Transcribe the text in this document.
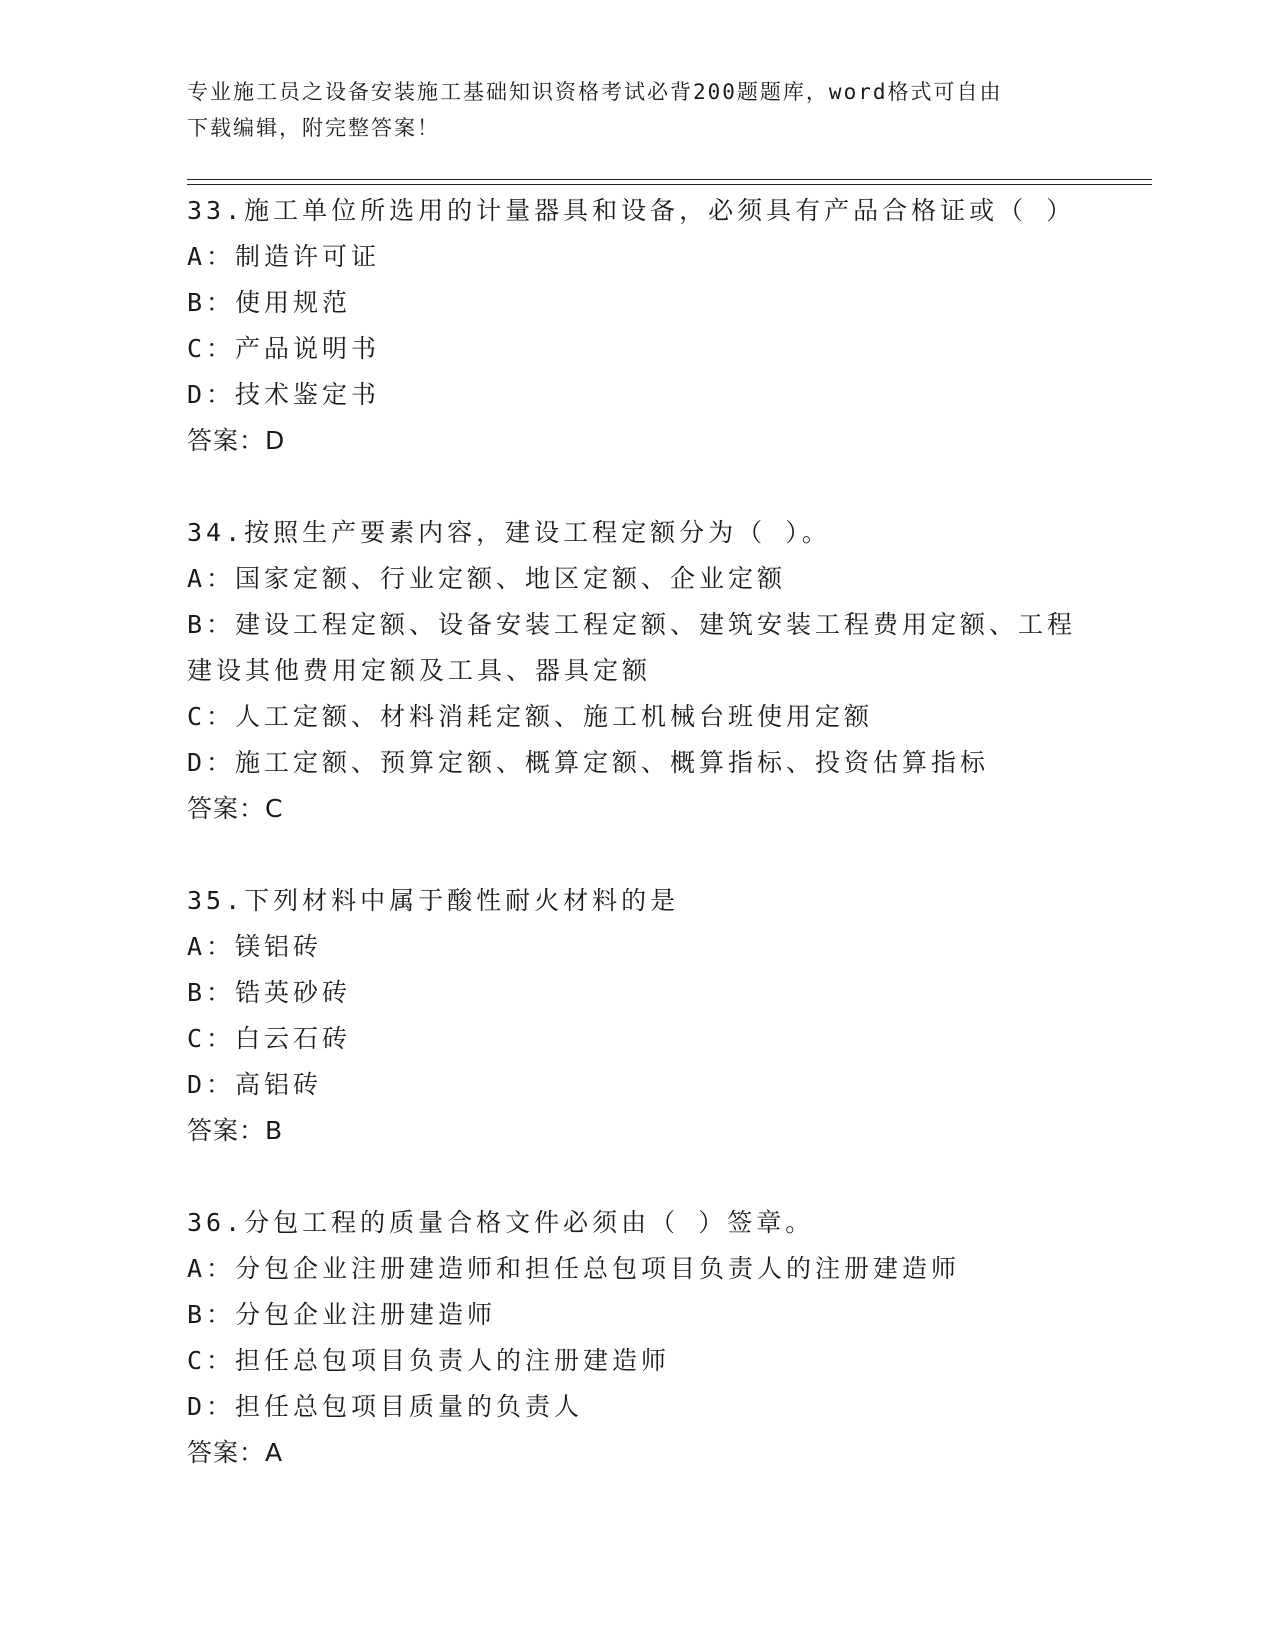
专业施工员之设备安装施工基础知识资格考试必背200题题库，word格式可自由
下载编辑，附完整答案！
33.施工单位所选用的计量器具和设备，必须具有产品合格证或（ ）
A：制造许可证
B：使用规范
C：产品说明书
D：技术鉴定书
答案：D
34.按照生产要素内容，建设工程定额分为（ ）。
A：国家定额、行业定额、地区定额、企业定额
B：建设工程定额、设备安装工程定额、建筑安装工程费用定额、工程建设其他费用定额及工具、器具定额
C：人工定额、材料消耗定额、施工机械台班使用定额
D：施工定额、预算定额、概算定额、概算指标、投资估算指标
答案：C
35.下列材料中属于酸性耐火材料的是
A：镁铝砖
B：锆英砂砖
C：白云石砖
D：高铝砖
答案：B
36.分包工程的质量合格文件必须由（ ）签章。
A：分包企业注册建造师和担任总包项目负责人的注册建造师
B：分包企业注册建造师
C：担任总包项目负责人的注册建造师
D：担任总包项目质量的负责人
答案：A
